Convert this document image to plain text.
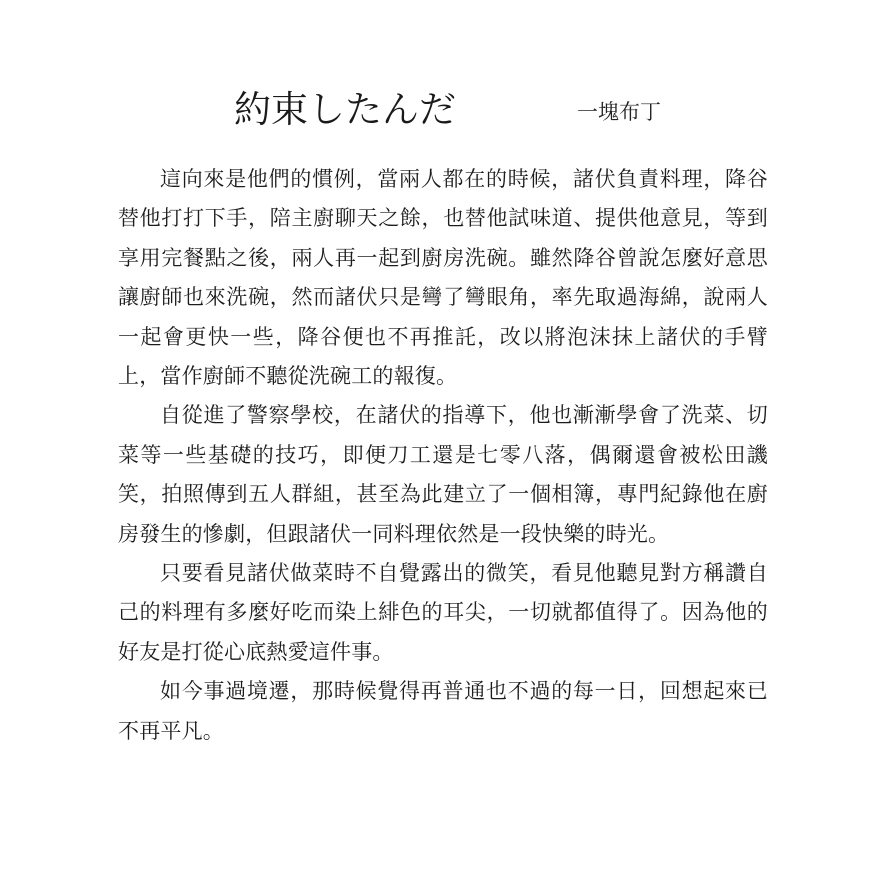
約束したんだ	一塊布丁

這向來是他們的慣例，當兩人都在的時候，諸伏負責料理，降谷替他打打下手，陪主廚聊天之餘，也替他試味道、提供他意見，等到享用完餐點之後，兩人再一起到廚房洗碗。雖然降谷曾說怎麼好意思讓廚師也來洗碗，然而諸伏只是彎了彎眼角，率先取過海綿，說兩人一起會更快一些，降谷便也不再推託，改以將泡沫抹上諸伏的手臂上，當作廚師不聽從洗碗工的報復。

自從進了警察學校，在諸伏的指導下，他也漸漸學會了洗菜、切菜等一些基礎的技巧，即便刀工還是七零八落，偶爾還會被松田譏笑，拍照傳到五人群組，甚至為此建立了一個相簿，專門紀錄他在廚房發生的慘劇，但跟諸伏一同料理依然是一段快樂的時光。

只要看見諸伏做菜時不自覺露出的微笑，看見他聽見對方稱讚自己的料理有多麼好吃而染上緋色的耳尖，一切就都值得了。因為他的好友是打從心底熱愛這件事。

如今事過境遷，那時候覺得再普通也不過的每一日，回想起來已不再平凡。
